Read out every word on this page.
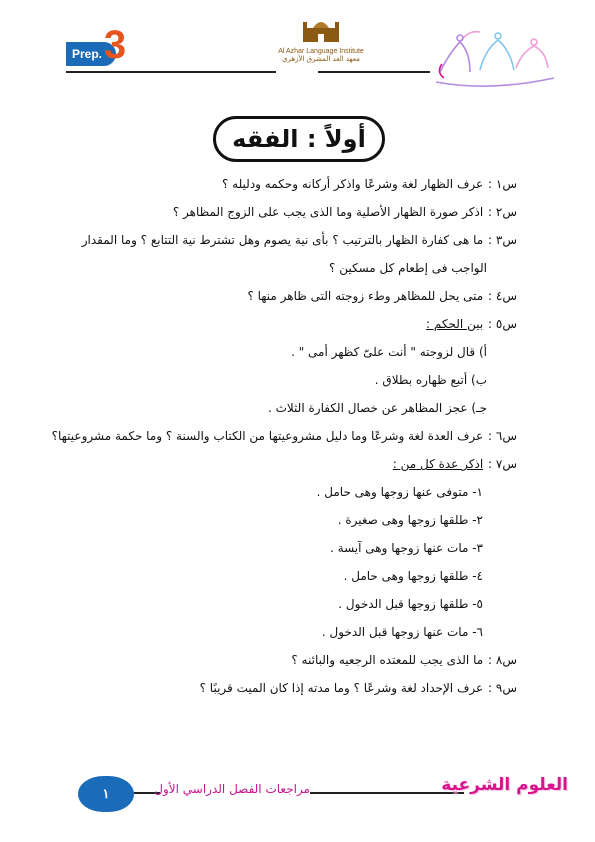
Prep. 3	Al Azhar Language Institute
معهد الغد المشرق الأزهري
أولاً : الفقه
س١ : عرف الظهار لغة وشرعًا واذكر أركانه وحكمه ودليله ؟
س٢ : اذكر صورة الظهار الأصلية وما الذى يجب على الزوج المظاهر ؟
س٣ : ما هى كفارة الظهار بالترتيب ؟ بأى نية يصوم وهل تشترط نية التتابع ؟ وما المقدار
الواجب فى إطعام كل مسكين ؟
س٤ : متى يحل للمظاهر وطء زوجته التى ظاهر منها ؟
س٥ : بين الحكم :
أ) قال لزوجته " أنت علىّ كظهر أمى " .
ب) أتبع ظهاره بطلاق .
جـ) عجز المظاهر عن خصال الكفارة الثلاث .
س٦ : عرف العدة لغة وشرعًا وما دليل مشروعيتها من الكتاب والسنة ؟ وما حكمة مشروعيتها؟
س٧ : اذكر عدة كل من :
١- متوفى عنها زوجها وهى حامل .
٢- طلقها زوجها وهى صغيرة .
٣- مات عنها زوجها وهى آيسة .
٤- طلقها زوجها وهى حامل .
٥- طلقها زوجها قبل الدخول .
٦- مات عنها زوجها قبل الدخول .
س٨ : ما الذى يجب للمعتده الرجعيه والبائنه ؟
س٩ : عرف الإحداد لغة وشرعًا ؟ وما مدته إذا كان الميت قريبًا ؟
١	مراجعات الفصل الدراسي الأول	العلوم الشرعية
